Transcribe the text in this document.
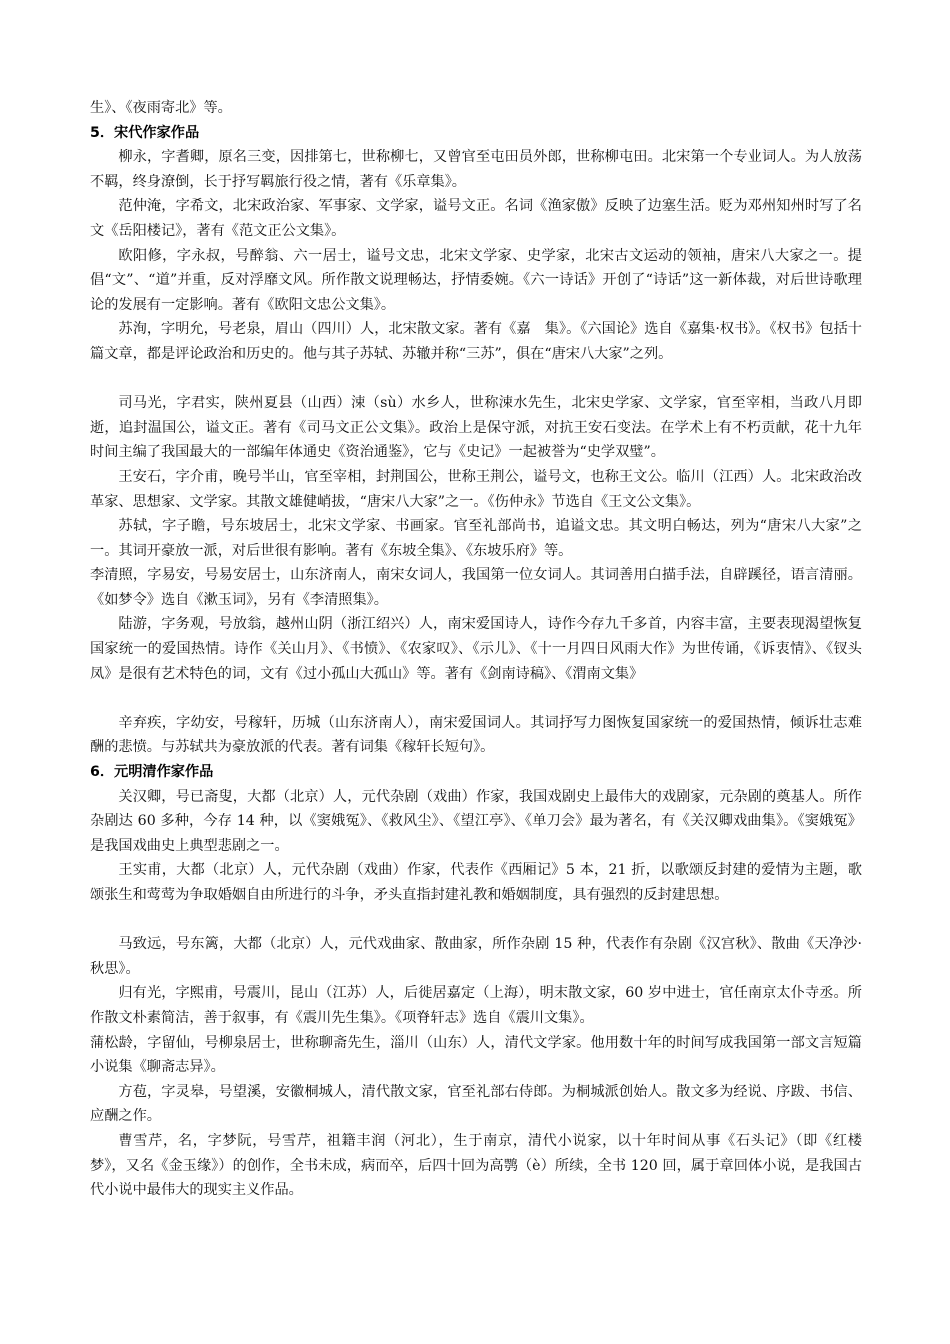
生》、《夜雨寄北》等。

5．宋代作家作品

柳永，字耆卿，原名三变，因排第七，世称柳七，又曾官至屯田员外郎，世称柳屯田。北宋第一个专业词人。为人放荡不羁，终身潦倒，长于抒写羁旅行役之情，著有《乐章集》。

范仲淹，字希文，北宋政治家、军事家、文学家，谥号文正。名词《渔家傲》反映了边塞生活。贬为邓州知州时写了名文《岳阳楼记》，著有《范文正公文集》。

欧阳修，字永叔，号醉翁、六一居士，谥号文忠，北宋文学家、史学家，北宋古文运动的领袖，唐宋八大家之一。提倡“文”、“道”并重，反对浮靡文风。所作散文说理畅达，抒情委婉。《六一诗话》开创了“诗话”这一新体裁，对后世诗歌理论的发展有一定影响。著有《欧阳文忠公文集》。

苏洵，字明允，号老泉，眉山（四川）人，北宋散文家。著有《嘉　集》。《六国论》选自《嘉集·权书》。《权书》包括十篇文章，都是评论政治和历史的。他与其子苏轼、苏辙并称“三苏”，俱在“唐宋八大家”之列。

司马光，字君实，陕州夏县（山西）涑（sù）水乡人，世称涑水先生，北宋史学家、文学家，官至宰相，当政八月即逝，追封温国公，谥文正。著有《司马文正公文集》。政治上是保守派，对抗王安石变法。在学术上有不朽贡献，花十九年时间主编了我国最大的一部编年体通史《资治通鉴》，它与《史记》一起被誉为“史学双璧”。

王安石，字介甫，晚号半山，官至宰相，封荆国公，世称王荆公，谥号文，也称王文公。临川（江西）人。北宋政治改革家、思想家、文学家。其散文雄健峭拔，“唐宋八大家”之一。《伤仲永》节选自《王文公文集》。

苏轼，字子瞻，号东坡居士，北宋文学家、书画家。官至礼部尚书，追谥文忠。其文明白畅达，列为“唐宋八大家”之一。其词开豪放一派，对后世很有影响。著有《东坡全集》、《东坡乐府》等。

李清照，字易安，号易安居士，山东济南人，南宋女词人，我国第一位女词人。其词善用白描手法，自辟蹊径，语言清丽。《如梦令》选自《漱玉词》，另有《李清照集》。

陆游，字务观，号放翁，越州山阴（浙江绍兴）人，南宋爱国诗人，诗作今存九千多首，内容丰富，主要表现渴望恢复国家统一的爱国热情。诗作《关山月》、《书愤》、《农家叹》、《示儿》、《十一月四日风雨大作》为世传诵，《诉衷情》、《钗头凤》是很有艺术特色的词，文有《过小孤山大孤山》等。著有《剑南诗稿》、《渭南文集》

辛弃疾，字幼安，号稼轩，历城（山东济南人），南宋爱国词人。其词抒写力图恢复国家统一的爱国热情，倾诉壮志难酬的悲愤。与苏轼共为豪放派的代表。著有词集《稼轩长短句》。

6．元明清作家作品

关汉卿，号已斋叟，大都（北京）人，元代杂剧（戏曲）作家，我国戏剧史上最伟大的戏剧家，元杂剧的奠基人。所作杂剧达 60 多种，今存 14 种，以《窦娥冤》、《救风尘》、《望江亭》、《单刀会》最为著名，有《关汉卿戏曲集》。《窦娥冤》是我国戏曲史上典型悲剧之一。

王实甫，大都（北京）人，元代杂剧（戏曲）作家，代表作《西厢记》5 本，21 折，以歌颂反封建的爱情为主题，歌颂张生和莺莺为争取婚姻自由所进行的斗争，矛头直指封建礼教和婚姻制度，具有强烈的反封建思想。

马致远，号东篱，大都（北京）人，元代戏曲家、散曲家，所作杂剧 15 种，代表作有杂剧《汉宫秋》、散曲《天净沙·秋思》。

归有光，字熙甫，号震川，昆山（江苏）人，后徙居嘉定（上海），明末散文家，60 岁中进士，官任南京太仆寺丞。所作散文朴素简洁，善于叙事，有《震川先生集》。《项脊轩志》选自《震川文集》。

蒲松龄，字留仙，号柳泉居士，世称聊斋先生，淄川（山东）人，清代文学家。他用数十年的时间写成我国第一部文言短篇小说集《聊斋志异》。

方苞，字灵皋，号望溪，安徽桐城人，清代散文家，官至礼部右侍郎。为桐城派创始人。散文多为经说、序跋、书信、应酬之作。

曹雪芹，名，字梦阮，号雪芹，祖籍丰润（河北），生于南京，清代小说家，以十年时间从事《石头记》（即《红楼梦》，又名《金玉缘》）的创作，全书未成，病而卒，后四十回为高鹗（è）所续，全书 120 回，属于章回体小说，是我国古代小说中最伟大的现实主义作品。
